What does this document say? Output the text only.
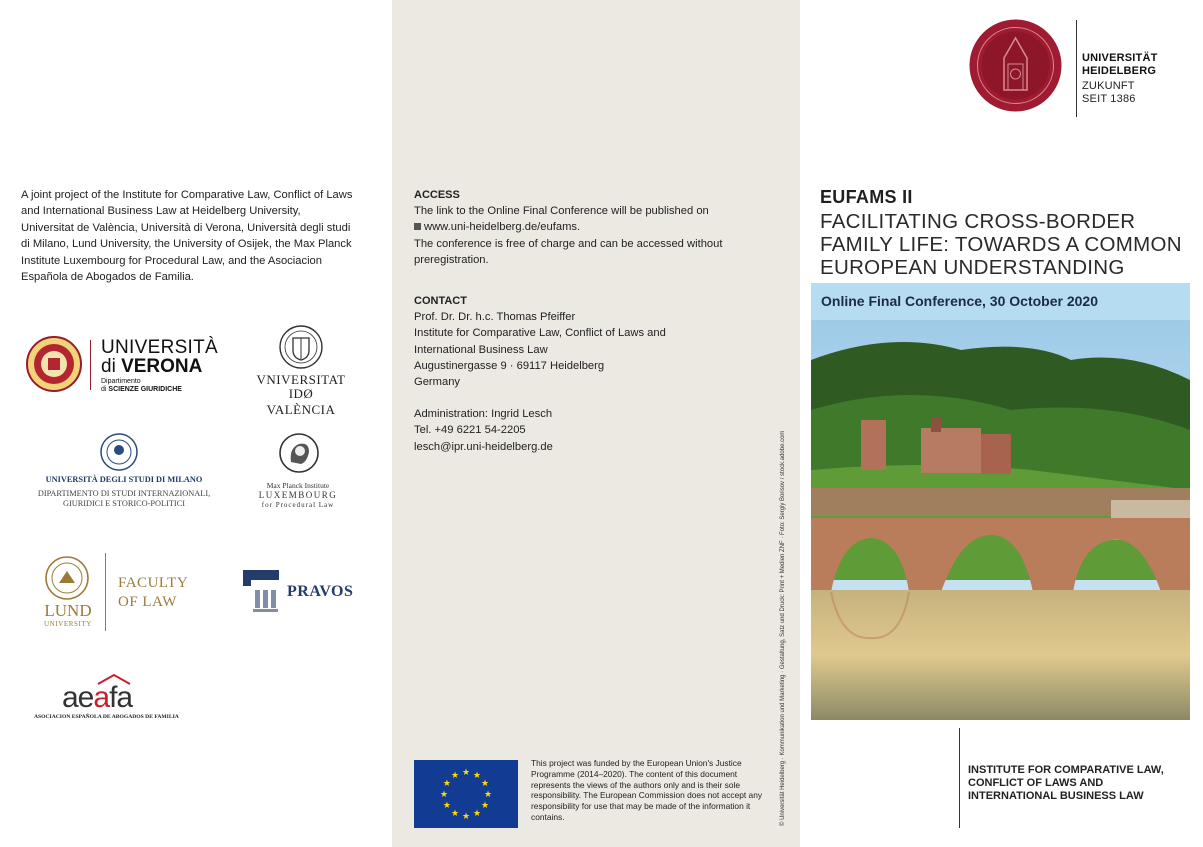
A joint project of the Institute for Comparative Law, Conflict of Laws and International Business Law at Heidelberg University, Universitat de València, Università di Verona, Università degli studi di Milano, Lund University, the University of Osijek, the Max Planck Institute Luxembourg for Procedural Law, and the Asociacion Española de Abogados de Familia.

UNIVERSITÀ
di VERONA
Dipartimento
di SCIENZE GIURIDICHE
VNIVERSITAT
IDØ VALÈNCIA
UNIVERSITÀ DEGLI STUDI DI MILANO
DIPARTIMENTO DI STUDI INTERNAZIONALI,
GIURIDICI E STORICO-POLITICI
Max Planck Institute
LUXEMBOURG
for Procedural Law
LUND
UNIVERSITY
FACULTY
OF LAW
PRAVOS
aeafa
ASOCIACION ESPAÑOLA DE ABOGADOS DE FAMILIA
ACCESS
The link to the Online Final Conference will be published on
www.uni-heidelberg.de/eufams.
The conference is free of charge and can be accessed without preregistration.
CONTACT
Prof. Dr. Dr. h.c. Thomas Pfeiffer
Institute for Comparative Law, Conflict of Laws and International Business Law
Augustinergasse 9 · 69117 Heidelberg
Germany
Administration: Ingrid Lesch
Tel. +49 6221 54-2205
lesch@ipr.uni-heidelberg.de
★ ★
★
★
★
★
★
★
★
★
★
★
This project was funded by the European Union's Justice Programme (2014–2020). The content of this document represents the views of the authors only and is their sole responsibility. The European Commission does not accept any responsibility for use that may be made of the information it contains.	© Universität Heidelberg · Kommunikation und Marketing · Gestaltung, Satz und Druck: Print + Medien ZNF · Foto: Sergiy Borisov / stock.adobe.com
UNIVERSITÄT
HEIDELBERG
ZUKUNFT
SEIT 1386
EUFAMS II
FACILITATING CROSS-BORDER FAMILY LIFE: TOWARDS A COMMON EUROPEAN UNDERSTANDING
Online Final Conference, 30 October 2020
INSTITUTE FOR COMPARATIVE LAW,
CONFLICT OF LAWS AND
INTERNATIONAL BUSINESS LAW
